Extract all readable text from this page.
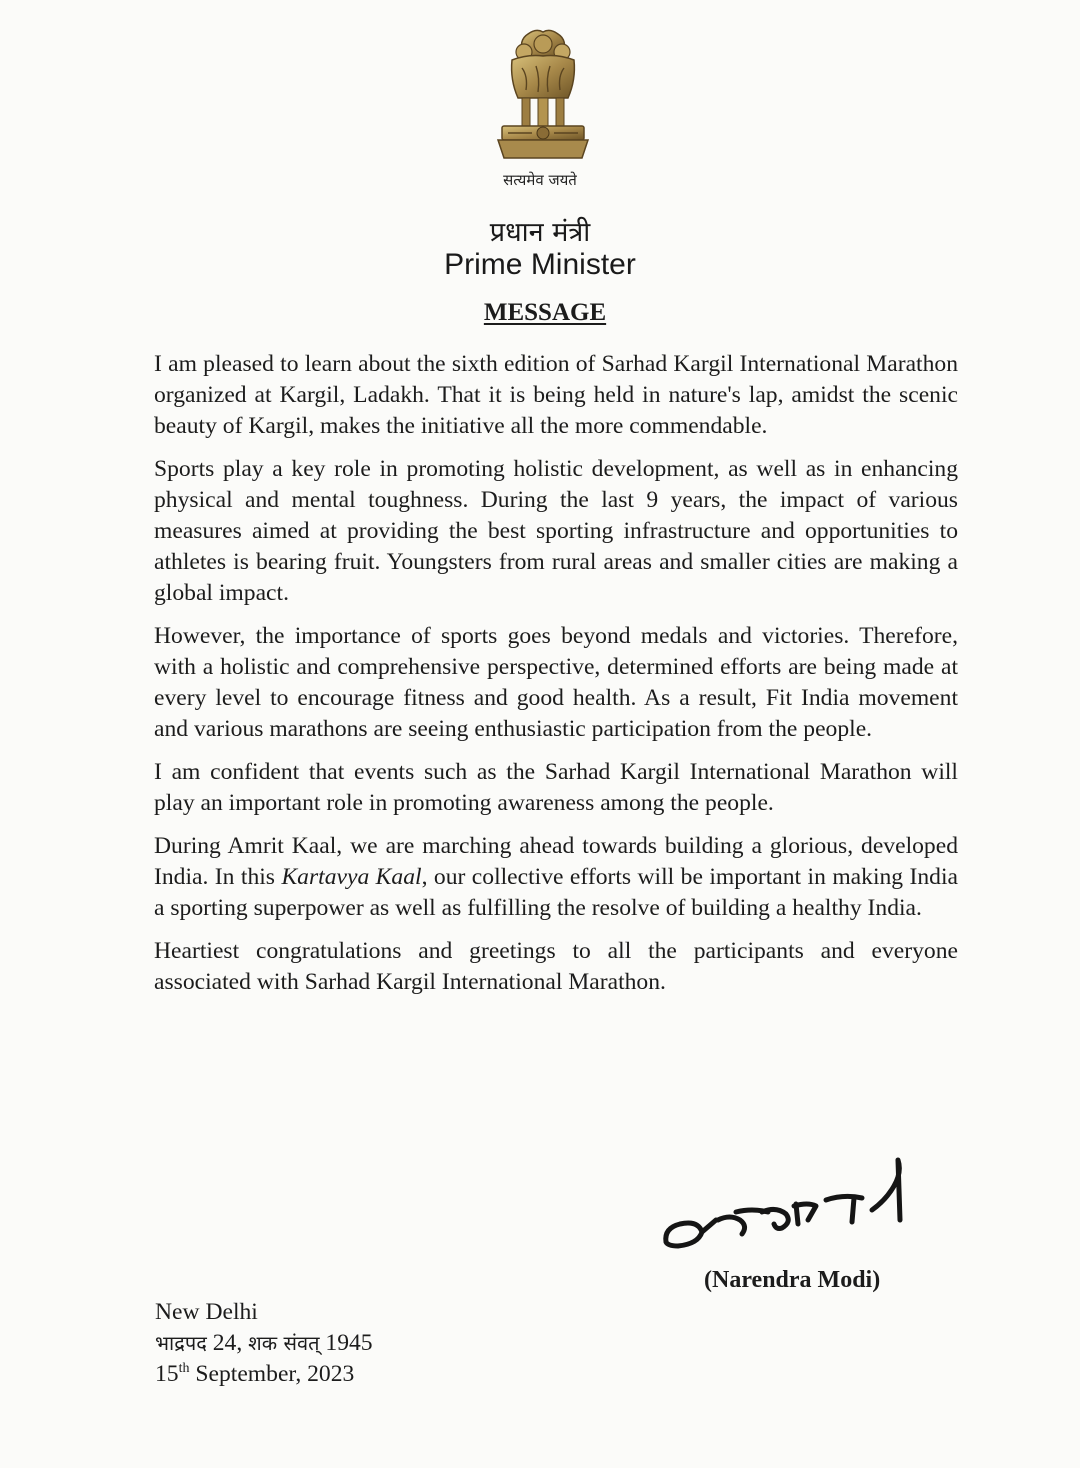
सत्यमेव जयते
प्रधान मंत्री
Prime Minister
MESSAGE

I am pleased to learn about the sixth edition of Sarhad Kargil International Marathon organized at Kargil, Ladakh. That it is being held in nature's lap, amidst the scenic beauty of Kargil, makes the initiative all the more commendable.

Sports play a key role in promoting holistic development, as well as in enhancing physical and mental toughness. During the last 9 years, the impact of various measures aimed at providing the best sporting infrastructure and opportunities to athletes is bearing fruit. Youngsters from rural areas and smaller cities are making a global impact.

However, the importance of sports goes beyond medals and victories. Therefore, with a holistic and comprehensive perspective, determined efforts are being made at every level to encourage fitness and good health. As a result, Fit India movement and various marathons are seeing enthusiastic participation from the people.

I am confident that events such as the Sarhad Kargil International Marathon will play an important role in promoting awareness among the people.

During Amrit Kaal, we are marching ahead towards building a glorious, developed India. In this Kartavya Kaal, our collective efforts will be important in making India a sporting superpower as well as fulfilling the resolve of building a healthy India.

Heartiest congratulations and greetings to all the participants and everyone associated with Sarhad Kargil International Marathon.

(Narendra Modi)
New Delhi
भाद्रपद 24, शक संवत् 1945
15th September, 2023
